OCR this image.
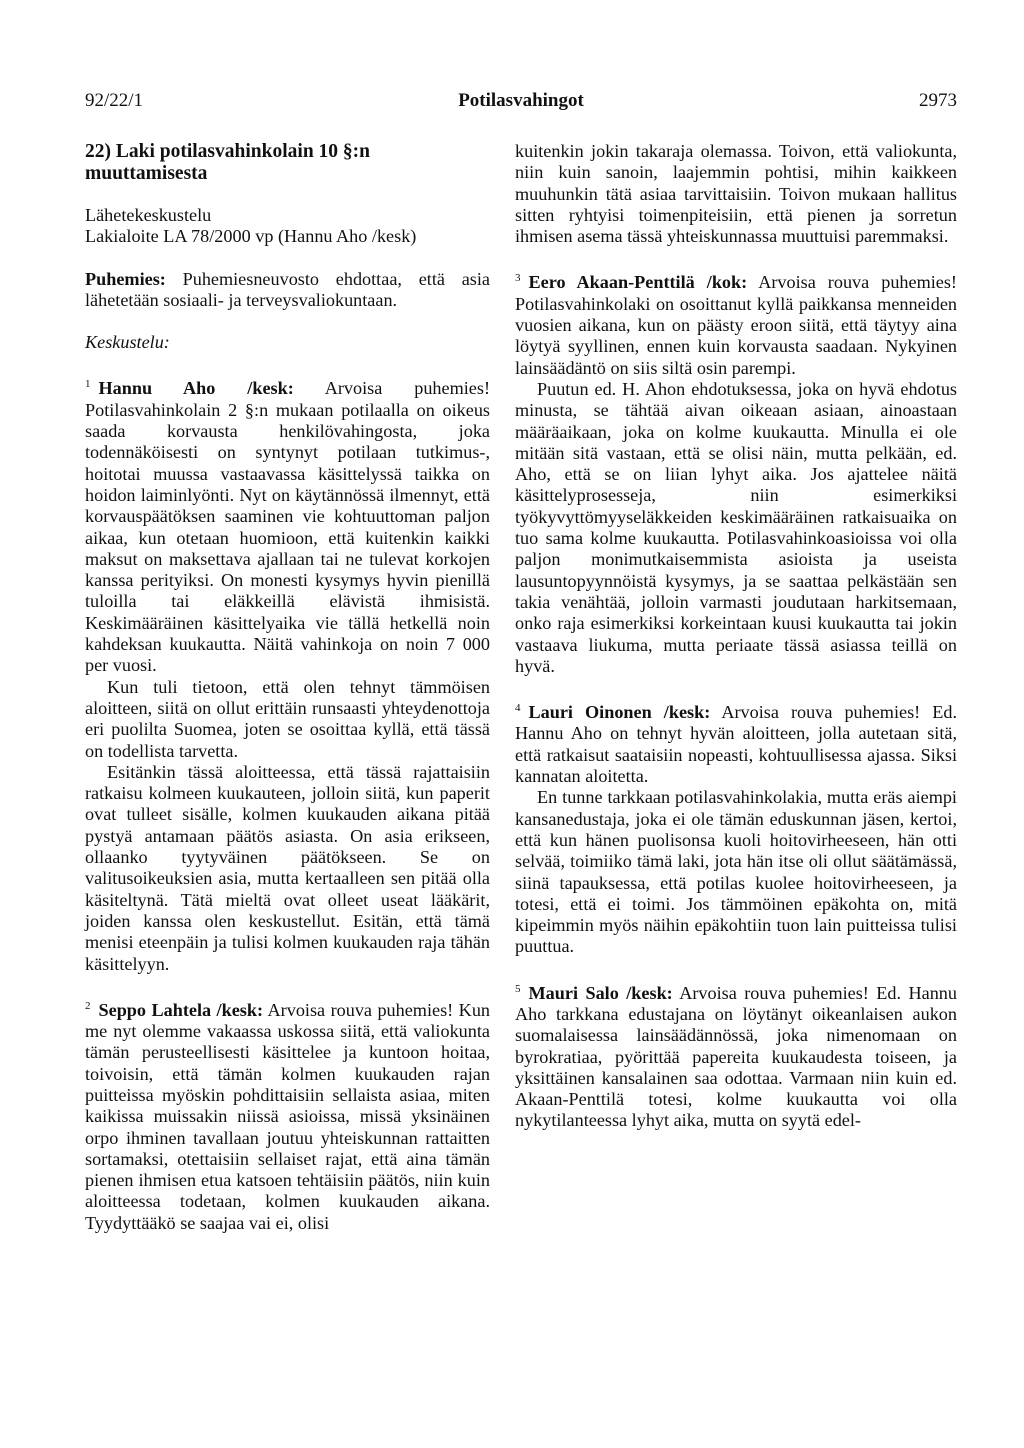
92/22/1	Potilasvahingot	2973

22) Laki potilasvahinkolain 10 §:n muuttamisesta

Lähetekeskustelu

Lakialoite LA 78/2000 vp (Hannu Aho /kesk)

Puhemies: Puhemiesneuvosto ehdottaa, että asia lähetetään sosiaali- ja terveysvaliokuntaan.

Keskustelu:

$^1$ Hannu Aho /kesk: Arvoisa puhemies! Potilasvahinkolain 2 §:n mukaan potilaalla on oikeus saada korvausta henkilövahingosta, joka todennäköisesti on syntynyt potilaan tutkimus-, hoitotai muussa vastaavassa käsittelyssä taikka on hoidon laiminlyönti. Nyt on käytännössä ilmennyt, että korvauspäätöksen saaminen vie kohtuuttoman paljon aikaa, kun otetaan huomioon, että kuitenkin kaikki maksut on maksettava ajallaan tai ne tulevat korkojen kanssa perityiksi. On monesti kysymys hyvin pienillä tuloilla tai eläkkeillä elävistä ihmisistä. Keskimääräinen käsittelyaika vie tällä hetkellä noin kahdeksan kuukautta. Näitä vahinkoja on noin 7 000 per vuosi.

Kun tuli tietoon, että olen tehnyt tämmöisen aloitteen, siitä on ollut erittäin runsaasti yhteydenottoja eri puolilta Suomea, joten se osoittaa kyllä, että tässä on todellista tarvetta.

Esitänkin tässä aloitteessa, että tässä rajattaisiin ratkaisu kolmeen kuukauteen, jolloin siitä, kun paperit ovat tulleet sisälle, kolmen kuukauden aikana pitää pystyä antamaan päätös asiasta. On asia erikseen, ollaanko tyytyväinen päätökseen. Se on valitusoikeuksien asia, mutta kertaalleen sen pitää olla käsiteltynä. Tätä mieltä ovat olleet useat lääkärit, joiden kanssa olen keskustellut. Esitän, että tämä menisi eteenpäin ja tulisi kolmen kuukauden raja tähän käsittelyyn.

$^2$ Seppo Lahtela /kesk: Arvoisa rouva puhemies! Kun me nyt olemme vakaassa uskossa siitä, että valiokunta tämän perusteellisesti käsittelee ja kuntoon hoitaa, toivoisin, että tämän kolmen kuukauden rajan puitteissa myöskin pohdittaisiin sellaista asiaa, miten kaikissa muissakin niissä asioissa, missä yksinäinen orpo ihminen tavallaan joutuu yhteiskunnan rattaitten sortamaksi, otettaisiin sellaiset rajat, että aina tämän pienen ihmisen etua katsoen tehtäisiin päätös, niin kuin aloitteessa todetaan, kolmen kuukauden aikana. Tyydyttääkö se saajaa vai ei, olisi

kuitenkin jokin takaraja olemassa. Toivon, että valiokunta, niin kuin sanoin, laajemmin pohtisi, mihin kaikkeen muuhunkin tätä asiaa tarvittaisiin. Toivon mukaan hallitus sitten ryhtyisi toimenpiteisiin, että pienen ja sorretun ihmisen asema tässä yhteiskunnassa muuttuisi paremmaksi.

$^3$ Eero Akaan-Penttilä /kok: Arvoisa rouva puhemies! Potilasvahinkolaki on osoittanut kyllä paikkansa menneiden vuosien aikana, kun on päästy eroon siitä, että täytyy aina löytyä syyllinen, ennen kuin korvausta saadaan. Nykyinen lainsäädäntö on siis siltä osin parempi.

Puutun ed. H. Ahon ehdotuksessa, joka on hyvä ehdotus minusta, se tähtää aivan oikeaan asiaan, ainoastaan määräaikaan, joka on kolme kuukautta. Minulla ei ole mitään sitä vastaan, että se olisi näin, mutta pelkään, ed. Aho, että se on liian lyhyt aika. Jos ajattelee näitä käsittelyprosesseja, niin esimerkiksi työkyvyttömyyseläkkeiden keskimääräinen ratkaisuaika on tuo sama kolme kuukautta. Potilasvahinkoasioissa voi olla paljon monimutkaisemmista asioista ja useista lausuntopyynnöistä kysymys, ja se saattaa pelkästään sen takia venähtää, jolloin varmasti joudutaan harkitsemaan, onko raja esimerkiksi korkeintaan kuusi kuukautta tai jokin vastaava liukuma, mutta periaate tässä asiassa teillä on hyvä.

$^4$ Lauri Oinonen /kesk: Arvoisa rouva puhemies! Ed. Hannu Aho on tehnyt hyvän aloitteen, jolla autetaan sitä, että ratkaisut saataisiin nopeasti, kohtuullisessa ajassa. Siksi kannatan aloitetta.

En tunne tarkkaan potilasvahinkolakia, mutta eräs aiempi kansanedustaja, joka ei ole tämän eduskunnan jäsen, kertoi, että kun hänen puolisonsa kuoli hoitovirheeseen, hän otti selvää, toimiiko tämä laki, jota hän itse oli ollut säätämässä, siinä tapauksessa, että potilas kuolee hoitovirheeseen, ja totesi, että ei toimi. Jos tämmöinen epäkohta on, mitä kipeimmin myös näihin epäkohtiin tuon lain puitteissa tulisi puuttua.

$^5$ Mauri Salo /kesk: Arvoisa rouva puhemies! Ed. Hannu Aho tarkkana edustajana on löytänyt oikeanlaisen aukon suomalaisessa lainsäädännössä, joka nimenomaan on byrokratiaa, pyörittää papereita kuukaudesta toiseen, ja yksittäinen kansalainen saa odottaa. Varmaan niin kuin ed. Akaan-Penttilä totesi, kolme kuukautta voi olla nykytilanteessa lyhyt aika, mutta on syytä edel-
